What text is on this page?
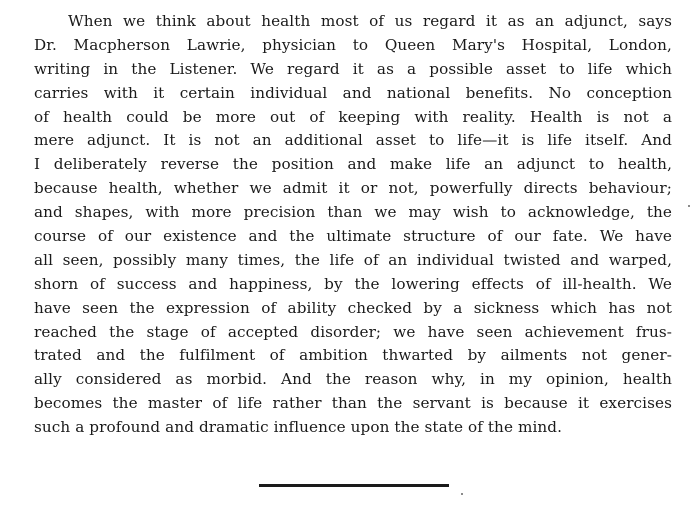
When we think about health most of us regard it as an adjunct, says
Dr. Macpherson Lawrie, physician to Queen Mary's Hospital, London,
writing in the Listener. We regard it as a possible asset to life which
carries with it certain individual and national benefits. No conception
of health could be more out of keeping with reality. Health is not a
mere adjunct. It is not an additional asset to life—it is life itself. And
I deliberately reverse the position and make life an adjunct to health,
because health, whether we admit it or not, powerfully directs behaviour;
and shapes, with more precision than we may wish to acknowledge, the
course of our existence and the ultimate structure of our fate. We have
all seen, possibly many times, the life of an individual twisted and warped,
shorn of success and happiness, by the lowering effects of ill-health. We
have seen the expression of ability checked by a sickness which has not
reached the stage of accepted disorder; we have seen achievement frus-
trated and the fulfilment of ambition thwarted by ailments not gener-
ally considered as morbid. And the reason why, in my opinion, health
becomes the master of life rather than the servant is because it exercises
such a profound and dramatic influence upon the state of the mind.
